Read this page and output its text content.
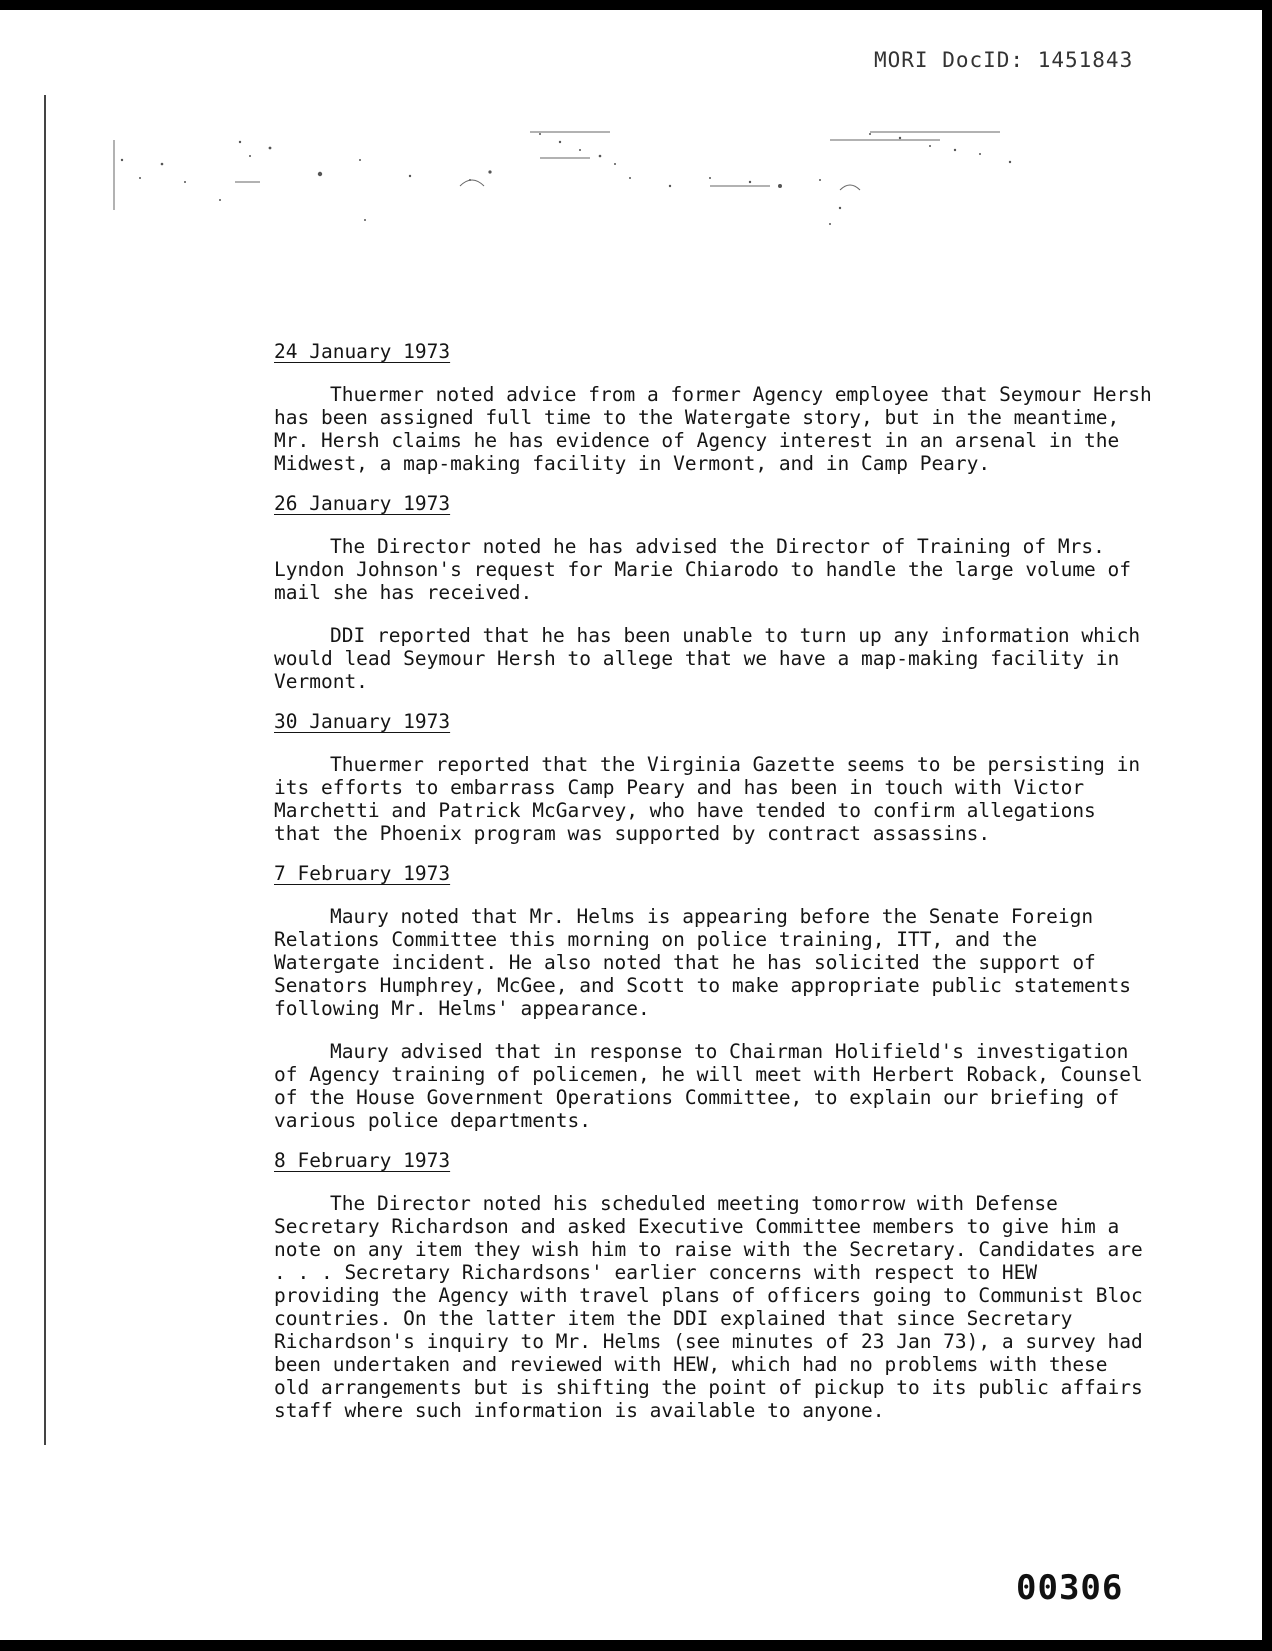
MORI DocID: 1451843
24 January 1973

Thuermer noted advice from a former Agency employee that Seymour Hersh has been assigned full time to the Watergate story, but in the meantime, Mr. Hersh claims he has evidence of Agency interest in an arsenal in the Midwest, a map-making facility in Vermont, and in Camp Peary.

26 January 1973

The Director noted he has advised the Director of Training of Mrs. Lyndon Johnson's request for Marie Chiarodo to handle the large volume of mail she has received.

DDI reported that he has been unable to turn up any information which would lead Seymour Hersh to allege that we have a map-making facility in Vermont.

30 January 1973

Thuermer reported that the Virginia Gazette seems to be persisting in its efforts to embarrass Camp Peary and has been in touch with Victor Marchetti and Patrick McGarvey, who have tended to confirm allegations that the Phoenix program was supported by contract assassins.

7 February 1973

Maury noted that Mr. Helms is appearing before the Senate Foreign Relations Committee this morning on police training, ITT, and the Watergate incident. He also noted that he has solicited the support of Senators Humphrey, McGee, and Scott to make appropriate public statements following Mr. Helms' appearance.

Maury advised that in response to Chairman Holifield's investigation of Agency training of policemen, he will meet with Herbert Roback, Counsel of the House Government Operations Committee, to explain our briefing of various police departments.

8 February 1973

The Director noted his scheduled meeting tomorrow with Defense Secretary Richardson and asked Executive Committee members to give him a note on any item they wish him to raise with the Secretary. Candidates are . . . Secretary Richardsons' earlier concerns with respect to HEW providing the Agency with travel plans of officers going to Communist Bloc countries. On the latter item the DDI explained that since Secretary Richardson's inquiry to Mr. Helms (see minutes of 23 Jan 73), a survey had been undertaken and reviewed with HEW, which had no problems with these old arrangements but is shifting the point of pickup to its public affairs staff where such information is available to anyone.

00306
